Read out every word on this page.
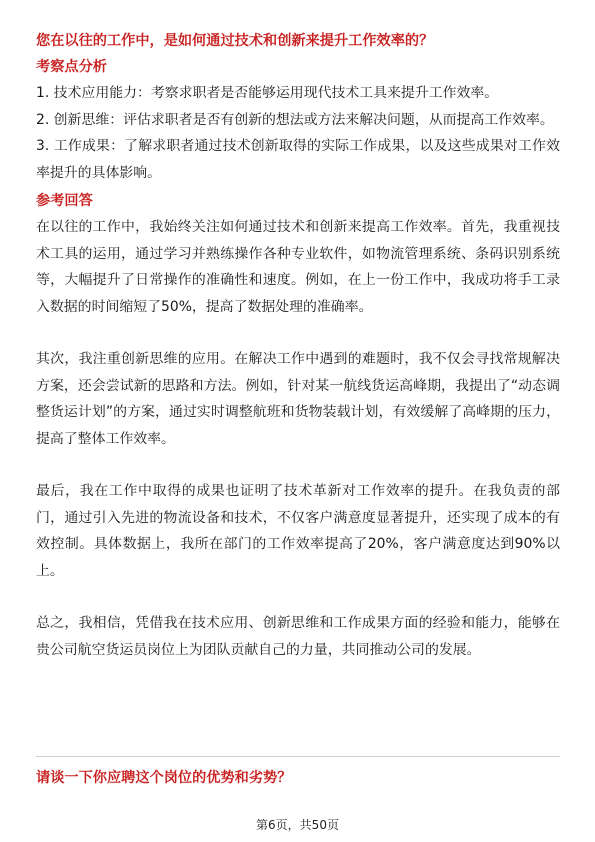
您在以往的工作中，是如何通过技术和创新来提升工作效率的？

考察点分析

1. 技术应用能力：考察求职者是否能够运用现代技术工具来提升工作效率。

2. 创新思维：评估求职者是否有创新的想法或方法来解决问题，从而提高工作效率。

3. 工作成果：了解求职者通过技术创新取得的实际工作成果，以及这些成果对工作效率提升的具体影响。

参考回答

在以往的工作中，我始终关注如何通过技术和创新来提高工作效率。首先，我重视技术工具的运用，通过学习并熟练操作各种专业软件，如物流管理系统、条码识别系统等，大幅提升了日常操作的准确性和速度。例如，在上一份工作中，我成功将手工录入数据的时间缩短了50%，提高了数据处理的准确率。

其次，我注重创新思维的应用。在解决工作中遇到的难题时，我不仅会寻找常规解决方案，还会尝试新的思路和方法。例如，针对某一航线货运高峰期，我提出了“动态调整货运计划”的方案，通过实时调整航班和货物装载计划，有效缓解了高峰期的压力，提高了整体工作效率。

最后，我在工作中取得的成果也证明了技术革新对工作效率的提升。在我负责的部门，通过引入先进的物流设备和技术，不仅客户满意度显著提升，还实现了成本的有效控制。具体数据上，我所在部门的工作效率提高了20%，客户满意度达到90%以上。

总之，我相信，凭借我在技术应用、创新思维和工作成果方面的经验和能力，能够在贵公司航空货运员岗位上为团队贡献自己的力量，共同推动公司的发展。

请谈一下你应聘这个岗位的优势和劣势？

第6页，共50页
